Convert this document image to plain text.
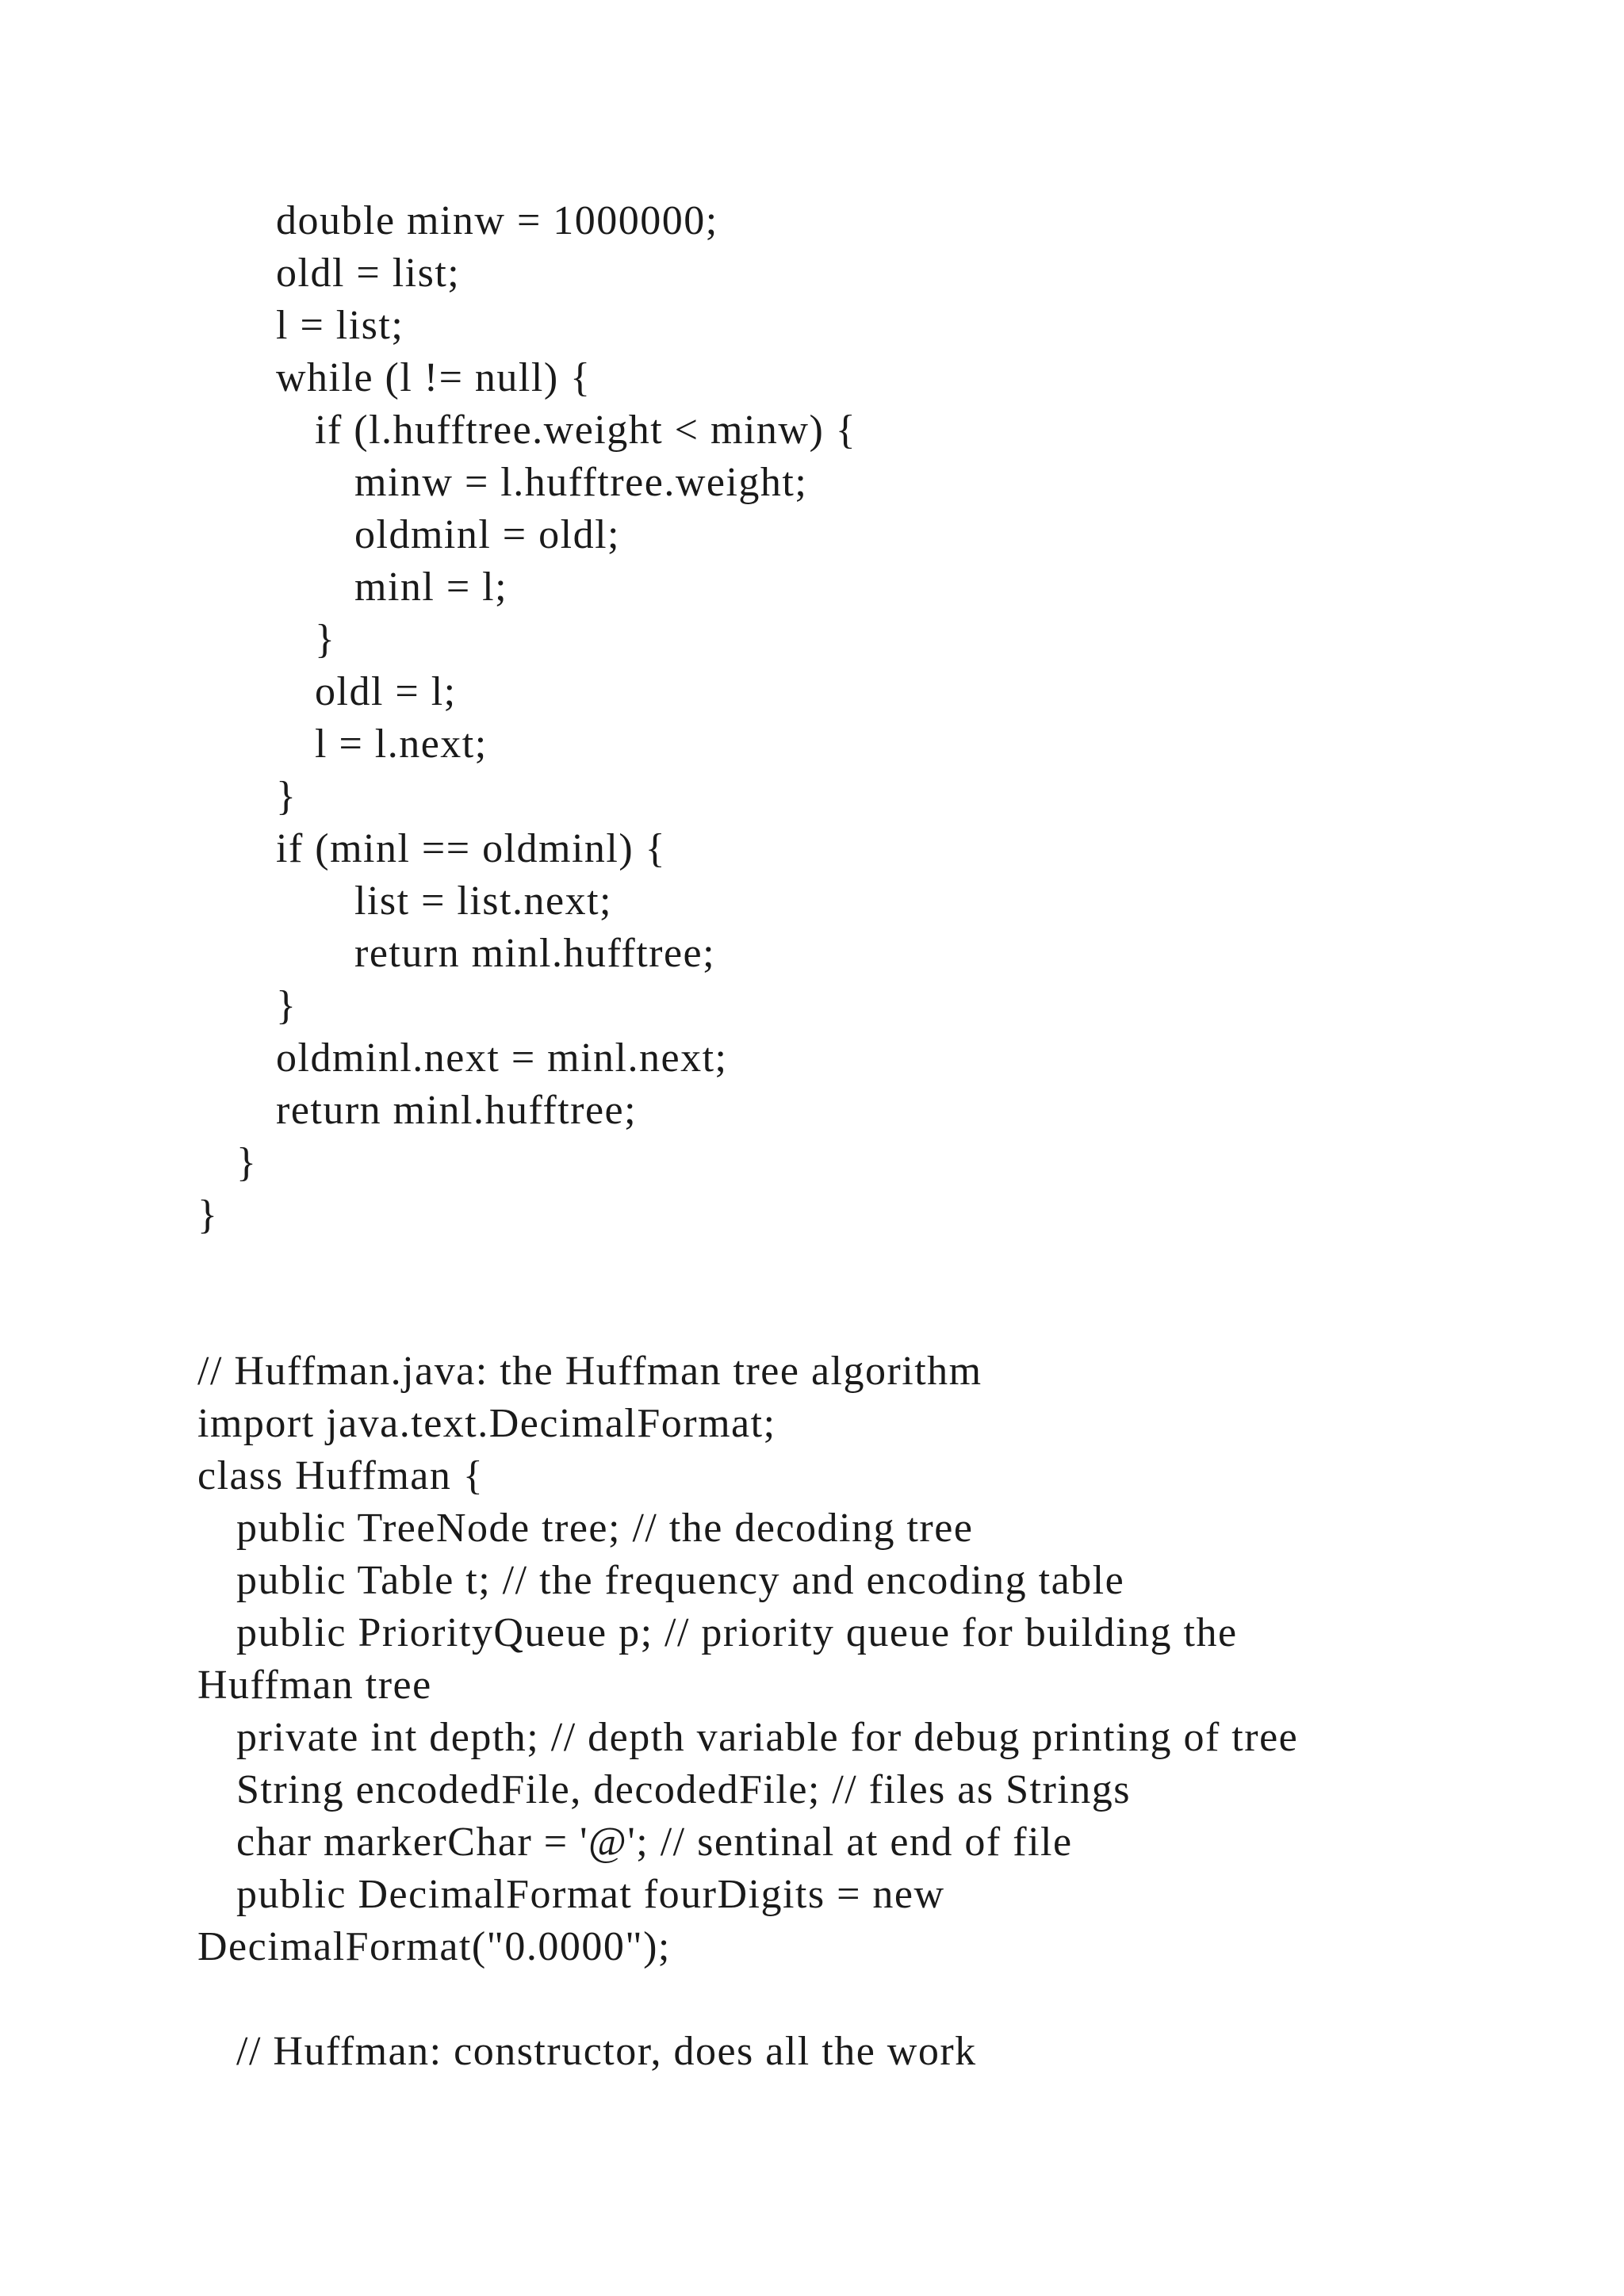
double minw = 1000000;

oldl = list;

l = list;

while (l != null) {

if (l.hufftree.weight < minw) {

minw = l.hufftree.weight;

oldminl = oldl;

minl = l;

}

oldl = l;

l = l.next;

}

if (minl == oldminl) {

list = list.next;

return minl.hufftree;

}

oldminl.next = minl.next;

return minl.hufftree;

}

}

// Huffman.java: the Huffman tree algorithm

import java.text.DecimalFormat;

class Huffman {

public TreeNode tree; // the decoding tree

public Table t; // the frequency and encoding table

public PriorityQueue p; // priority queue for building the

Huffman tree

private int depth; // depth variable for debug printing of tree

String encodedFile, decodedFile; // files as Strings

char markerChar = '@'; // sentinal at end of file

public DecimalFormat fourDigits = new

DecimalFormat("0.0000");

// Huffman: constructor, does all the work
